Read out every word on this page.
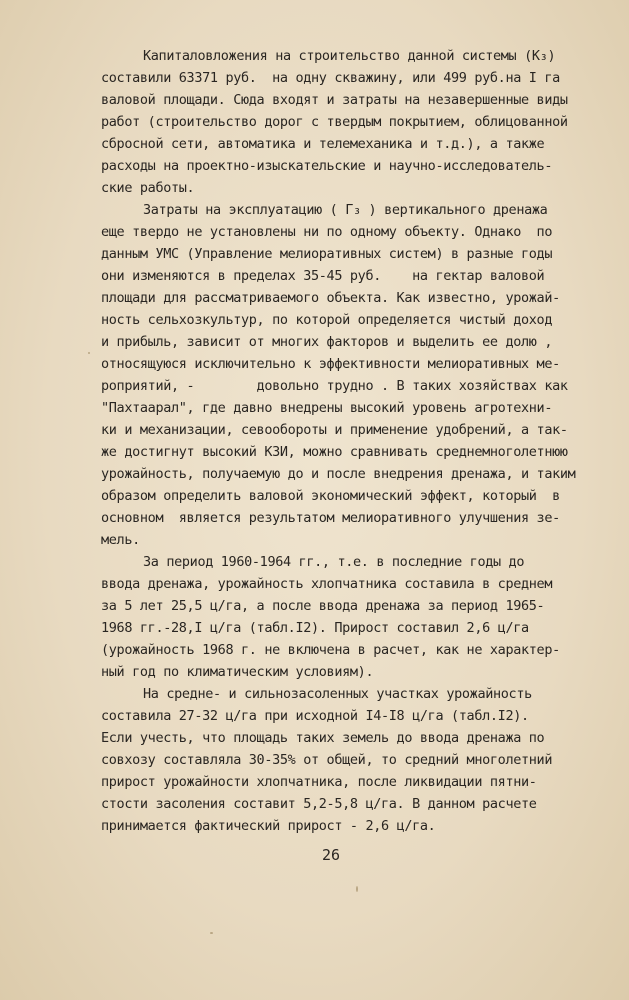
Капиталовложения на строительство данной системы (К₃)
составили 63371 руб.  на одну скважину, или 499 руб.на I га
валовой площади. Сюда входят и затраты на незавершенные виды
работ (строительство дорог с твердым покрытием, облицованной
сбросной сети, автоматика и телемеханика и т.д.), а также
расходы на проектно-изыскательские и научно-исследователь-
ские работы.
Затраты на эксплуатацию ( Г₃ ) вертикального дренажа
еще твердо не установлены ни по одному объекту. Однако  по
данным УМС (Управление мелиоративных систем) в разные годы
они изменяются в пределах 35-45 руб.    на гектар валовой
площади для рассматриваемого объекта. Как известно, урожай-
ность сельхозкультур, по которой определяется чистый доход
и прибыль, зависит от многих факторов и выделить ее долю ,
относящуюся исключительно к эффективности мелиоративных ме-
роприятий, -        довольно трудно . В таких хозяйствах как
"Пахтаарал", где давно внедрены высокий уровень агротехни-
ки и механизации, севообороты и применение удобрений, а так-
же достигнут высокий КЗИ, можно сравнивать среднемноголетнюю
урожайность, получаемую до и после внедрения дренажа, и таким
образом определить валовой экономический эффект, который  в
основном  является результатом мелиоративного улучшения зе-
мель.
За период 1960-1964 гг., т.е. в последние годы до
ввода дренажа, урожайность хлопчатника составила в среднем
за 5 лет 25,5 ц/га, а после ввода дренажа за период 1965-
1968 гг.-28,I ц/га (табл.I2). Прирост составил 2,6 ц/га
(урожайность 1968 г. не включена в расчет, как не характер-
ный год по климатическим условиям).
На средне- и сильнозасоленных участках урожайность
составила 27-32 ц/га при исходной I4-I8 ц/га (табл.I2).
Если учесть, что площадь таких земель до ввода дренажа по
совхозу составляла 30-35% от общей, то средний многолетний
прирост урожайности хлопчатника, после ликвидации пятни-
стости засоления составит 5,2-5,8 ц/га. В данном расчете
принимается фактический прирост - 2,6 ц/га.
26
